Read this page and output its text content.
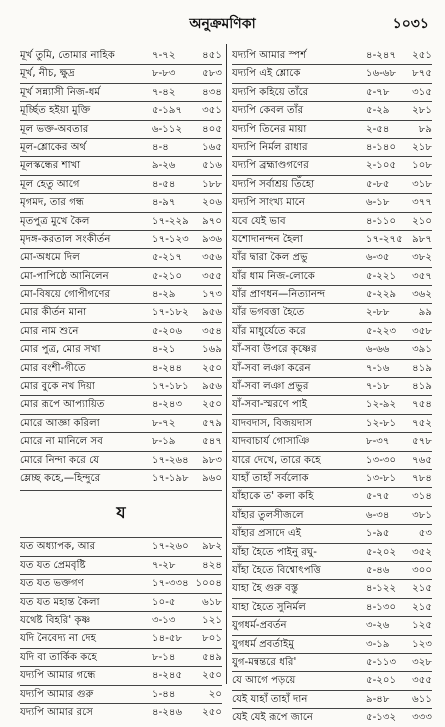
অনুক্রমণিকা	১০৩১
মূর্খ তুমি, তোমার নাহিক	৭-৭২	৪৫১
মূর্খ, নীচ, ক্ষুদ্র	৮-৮৩	৫৮৩
মূর্খ সন্ন্যাসী নিজ-ধর্ম	৭-৪২	৪৩৪
মূর্চ্ছিত হইয়া মুক্তি	৫-১৯৭ ৩৫১
মূল ভক্ত-অবতার	৬-১১২ ৪০৫
মূল-শ্লোকের অর্থ	৪-৪	১৬৫
মূলস্কন্ধের শাখা	৯-২৬	৫১৬
মূল হেতু আগে	৪-৫৪	১৮৮
মৃগমদ, তার গন্ধ	৪-৯৭	২০৬
মৃতপুত্র মুখে কৈল	১৭-২২৯ ৯৭০
মৃদঙ্গ-করতাল সংকীর্তন	১৭-১২৩ ৯৩৬
মো-অধমে দিল	৫-২১৭ ৩৫৬
মো-পাপিষ্ঠে আনিলেন	৫-২১০ ৩৫৫
মো-বিষয়ে গোপীগণের	৪-২৯	১৭৩
মোর কীর্তন মানা	১৭-১৮২ ৯৫৬
মোর নাম শুনে	৫-২০৬ ৩৫৪
মোর পুত্র, মোর সখা	৪-২১	১৬৯
মোর বংশী-গীতে	৪-২৪৪ ২৫০
মোর বুকে নখ দিয়া	১৭-১৮১ ৯৫৬
মোর রূপে আপ্যায়িত	৪-২৪৩ ২৫০
মোরে আজ্ঞা করিলা	৮-৭২	৫৭৯
মোরে না মানিলে সব	৮-১৯	৫৪৭
মোরে নিন্দা করে যে	১৭-২৬৪ ৯৮৩
ম্লেচ্ছ কহে,—হিন্দুরে	১৭-১৯৮ ৯৬০
য
যত অধ্যাপক, আর	১৭-২৬০ ৯৮২
যত যত প্রেমবৃষ্টি	৭-২৮	৪২৪
যত যত ভক্তগণ	১৭-৩৩৪ ১০০৪
যত যত মহান্ত কৈলা	১০-৫	৬১৮
যথেষ্ট বিহরি' কৃষ্ণ	৩-১৩	১২১
যদি নৈবেদ্য না দেহ	১৪-৫৮ ৮০১
যদি বা তার্কিক কহে	৮-১৪	৫৪৯
যদ্যপি আমার গন্ধে	৪-২৪৫ ২৫০
যদ্যপি আমার গুরু	১-৪৪	২০
যদ্যপি আমার রসে	৪-২৪৬ ২৫০
যদ্যপি আমার স্পর্শ	৪-২৪৭ ২৫১
যদ্যপি এই শ্লোকে	১৬-৬৮ ৮৭৫
যদ্যপি কহিয়ে তাঁরে	৫-৭৮ ৩১৫
যদ্যপি কেবল তাঁর	৫-২৯ ২৮১
যদ্যপি তিনের মায়া	২-৫৪	৮৯
যদ্যপি নির্মল রাধার	৪-১৪০ ২১৮
যদ্যপি ব্রহ্মাণ্ডগণের	২-১০৫ ১০৮
যদ্যপি সর্বাশ্রয় তিঁহো	৫-৮৫ ৩১৮
যদ্যপি সাংখ্য মানে	৬-১৮ ৩৭৭
যবে যেই ভাব	৪-১১০ ২১০
যশোদানন্দন হৈলা	১৭-২৭৫ ৯৮৭
যাঁর দ্বারা কৈল প্রভু	৬-৩৫ ৩৮২
যাঁর ধাম নিজ-লোকে	৫-২২১ ৩৫৭
যাঁর প্রাণধন—নিত্যানন্দ	৫-২২৯ ৩৬২
যাঁর ভগবত্তা হৈতে	২-৮৮	৯৯
যাঁর মাধুর্যেতে করে	৫-২২৩ ৩৫৮
যাঁ-সবা উপরে কৃষ্ণের	৬-৬৬ ৩৯১
যাঁ-সবা লঞা করেন	৭-১৬ ৪১৯
যাঁ-সবা লঞা প্রভুর	৭-১৮ ৪১৯
যাঁ-সবা-স্মরণে পাই	১২-৯২ ৭৫৪
যাদবদাস, বিজয়দাস	১২-৮১ ৭৫২
যাদবাচার্য গোসাঞি	৮-৩৭ ৫৭৮
যারে দেখে, তারে কহে	১৩-৩০ ৭৬৫
যাহাঁ তাহাঁ সর্বলোক	১৩-৮১ ৭৮৪
যাঁহাকে ত' কলা কহি	৫-৭৫ ৩১৪
যাঁহার তুলসীজলে	৬-৩৪ ৩৮১
যাঁহার প্রসাদে এই	১-৯৫	৫৩
যাঁহা হৈতে পাইনু রঘু-	৫-২০২ ৩৫২
যাঁহা হৈতে বিশ্বোৎপত্তি	৫-৪৬ ৩০০
যাহা হৈ গুরু বস্তু	৪-১২২ ২১৫
যাহা হৈতে সুনির্মল	৪-১৩০ ২১৫
যুগধর্ম-প্রবর্তন	৩-২৬ ১২৫
যুগধর্ম প্রবর্তাইমু	৩-১৯ ১২৩
যুগ-মন্বন্তরে ধরি'	৫-১১৩ ৩২৮
যে আগে পড়য়ে	৫-২০১ ৩৫৫
যেই যাহাঁ তাহাঁ দান	৯-৪৮ ৬১১
যেই যেই রূপে জানে	৫-১৩২ ৩৩৩
